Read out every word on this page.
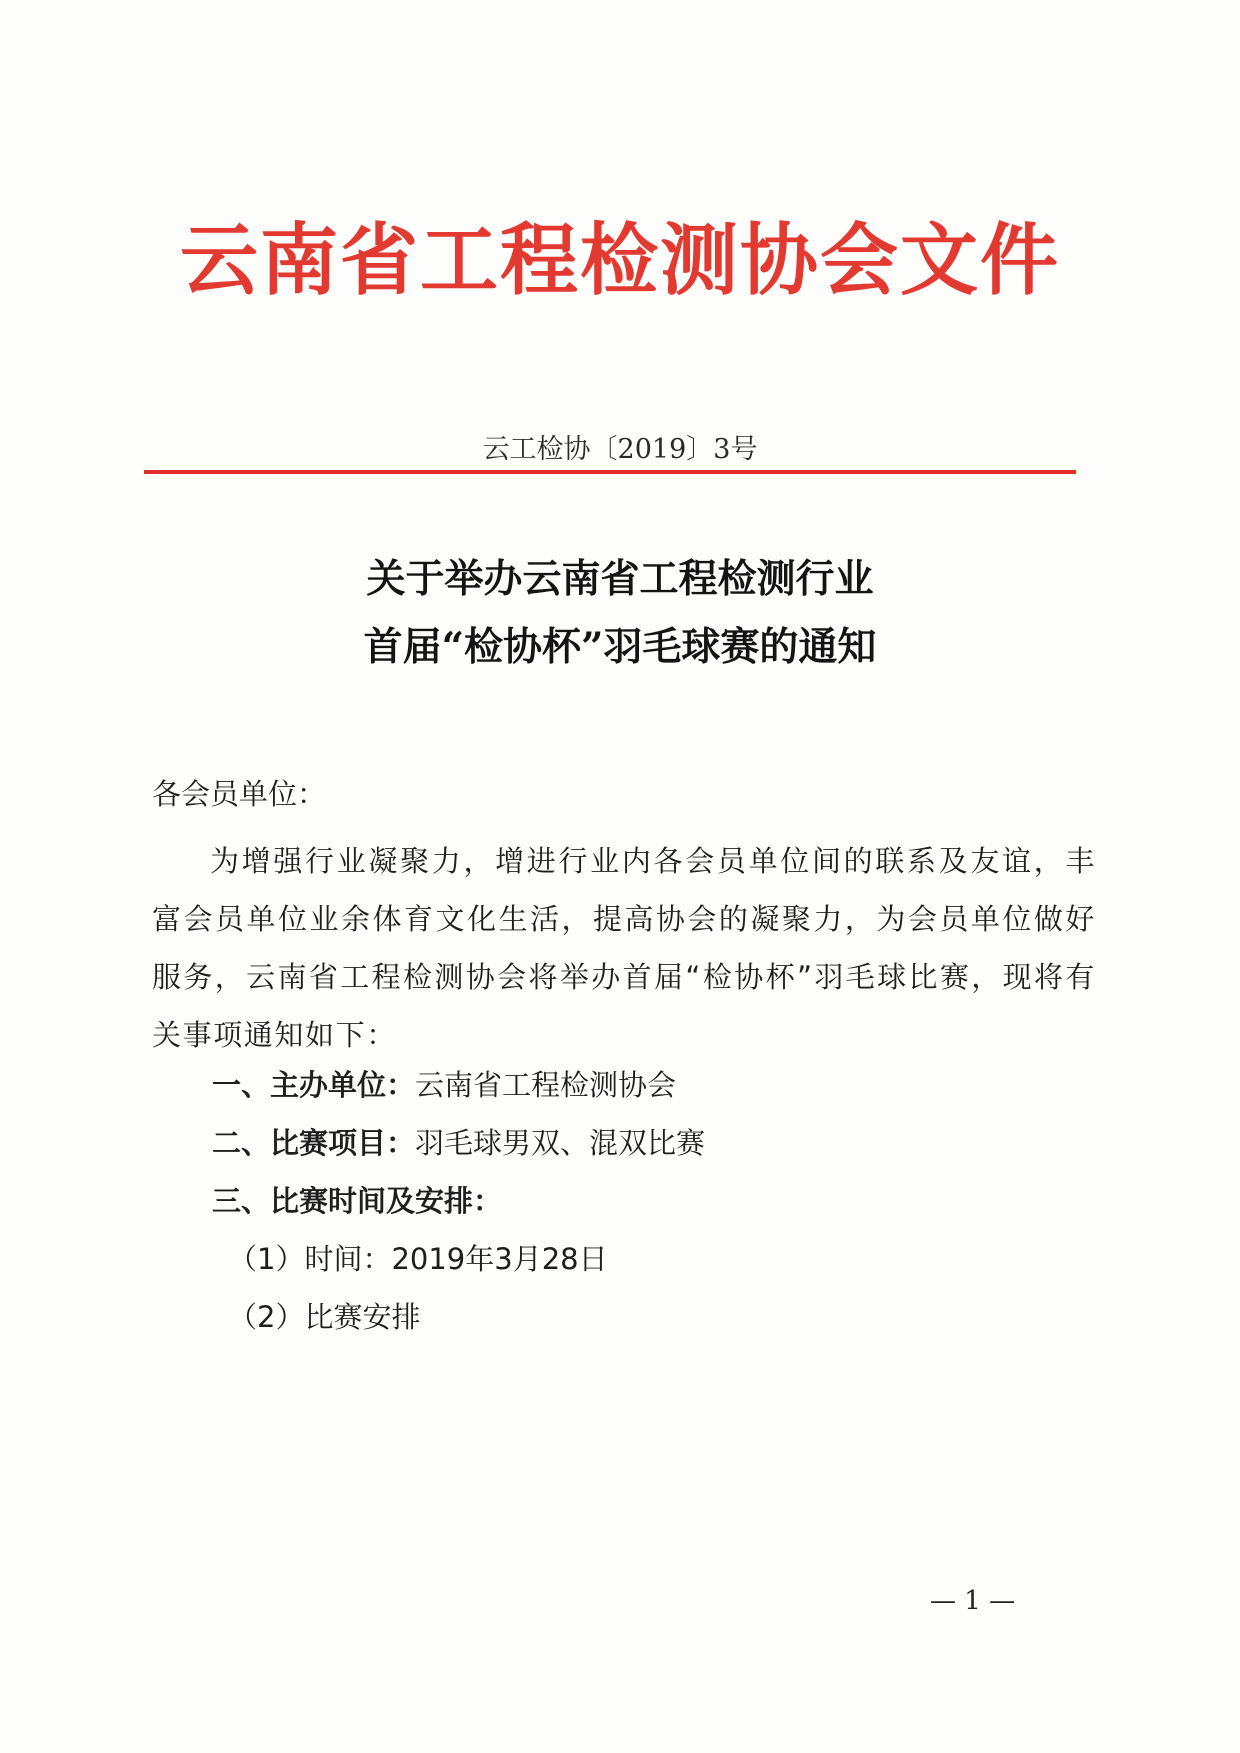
云南省工程检测协会文件
云工检协〔2019〕3号
关于举办云南省工程检测行业
首届“检协杯”羽毛球赛的通知
各会员单位：
为增强行业凝聚力，增进行业内各会员单位间的联系及友谊，丰富会员单位业余体育文化生活，提高协会的凝聚力，为会员单位做好服务，云南省工程检测协会将举办首届“检协杯”羽毛球比赛，现将有关事项通知如下：
一、主办单位：云南省工程检测协会
二、比赛项目：羽毛球男双、混双比赛
三、比赛时间及安排：
（1）时间：2019年3月28日
（2）比赛安排
— 1 —
